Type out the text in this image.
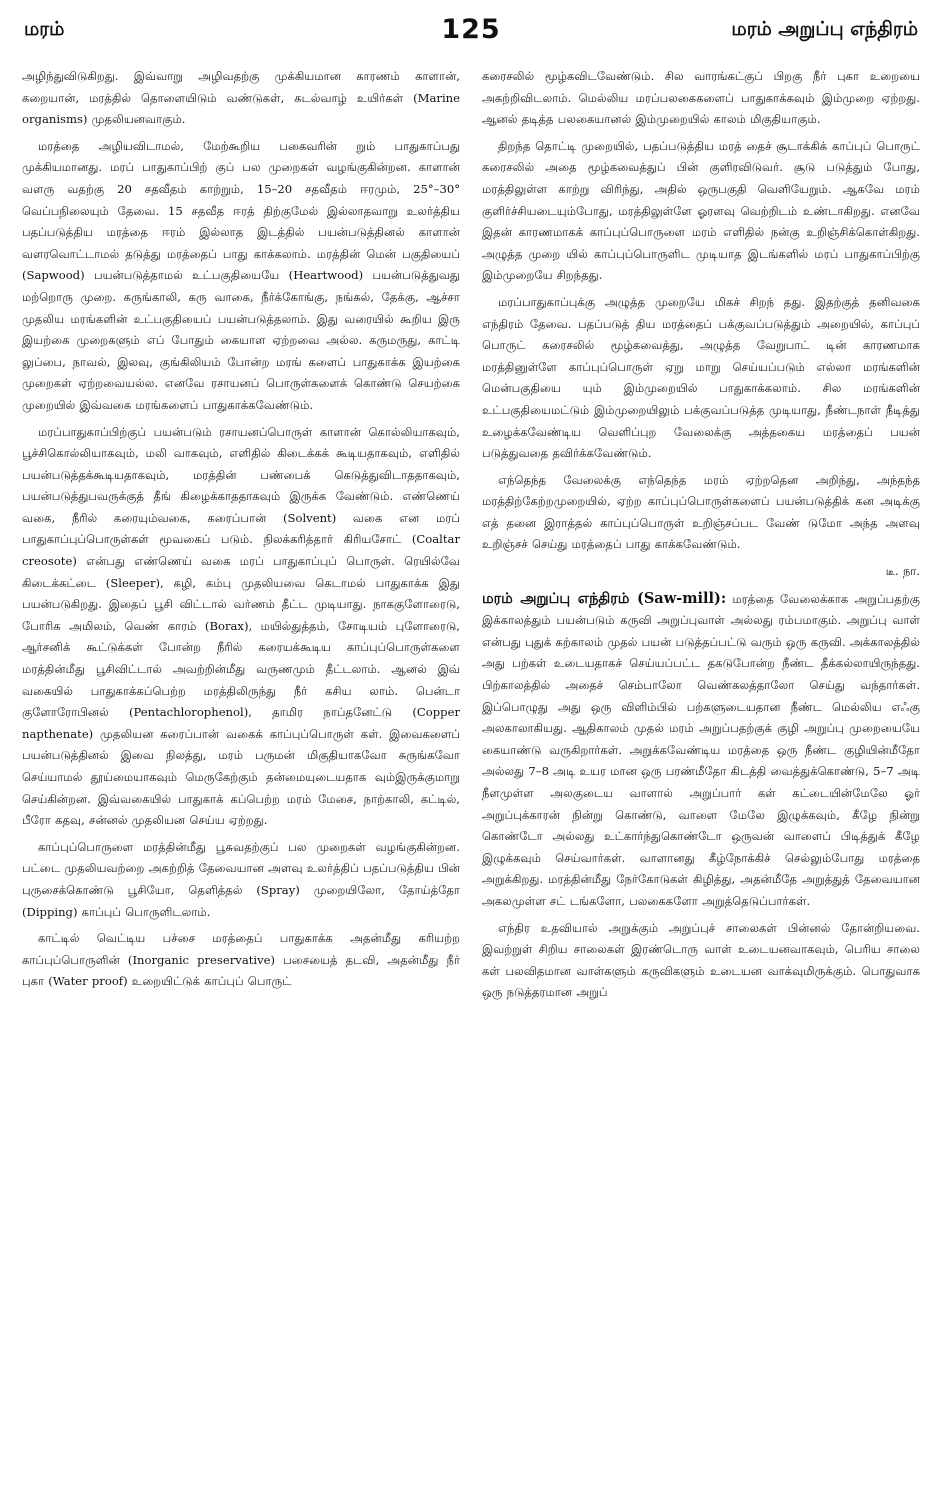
மரம்	125	மரம் அறுப்பு எந்திரம்

அழிந்துவிடுகிறது. இவ்வாறு அழிவதற்கு முக்கியமான காரணம் காளான், கறையான், மரத்தில் தொளையிடும் வண்டுகள், கடல்வாழ் உயிர்கள் (Marine organisms) முதலியனவாகும்.

மரத்தை அழியவிடாமல், மேற்கூறிய பகைவரின் றும் பாதுகாப்பது முக்கியமானது. மரப் பாதுகாப்பிற் குப் பல முறைகள் வழங்குகின்றன. காளான் வளரு வதற்கு 20 சதவீதம் காற்றும், 15–20 சதவீதம் ஈரமும், 25°–30° வெப்பநிலையும் தேவை. 15 சதவீத ஈரத் திற்குமேல் இல்லாதவாறு உலர்த்திய பதப்படுத்திய மரத்தை ஈரம் இல்லாத இடத்தில் பயன்படுத்தினல் காளான் வளரவொட்டாமல் தடுத்து மரத்தைப் பாது காக்கலாம். மரத்தின் மென் பகுதியைப் (Sapwood) பயன்படுத்தாமல் உட்பகுதியையே (Heartwood) பயன்படுத்துவது மற்றொரு முறை. கருங்காலி, கரு வாகை, நீர்க்கோங்கு, நங்கல், தேக்கு, ஆச்சா முதலிய மரங்களின் உட்பகுதியைப் பயன்படுத்தலாம். இது வரையில் கூறிய இரு இயற்கை முறைகளும் எப் போதும் கையாள ஏற்றவை அல்ல. கருமருது, காட்டி லுப்பை, நாவல், இலவு, குங்கிலியம் போன்ற மரங் களைப் பாதுகாக்க இயற்கை முறைகள் ஏற்றவையல்ல. எனவே ரசாயனப் பொருள்களைக் கொண்டு செயற்கை முறையில் இவ்வகை மரங்களைப் பாதுகாக்கவேண்டும்.

மரப்பாதுகாப்பிற்குப் பயன்படும் ரசாயனப்பொருள் காளான் கொல்லியாகவும், பூச்சிகொல்லியாகவும், மலி வாகவும், எளிதில் கிடைக்கக் கூடியதாகவும், எளிதில் பயன்படுத்தக்கூடியதாகவும், மரத்தின் பண்பைக் கெடுத்துவிடாததாகவும், பயன்படுத்துபவருக்குத் தீங் கிழைக்காததாகவும் இருக்க வேண்டும். எண்ணெய் வகை, நீரில் கரையும்வகை, கரைப்பான் (Solvent) வகை என மரப் பாதுகாப்புப்பொருள்கள் மூவகைப் படும். நிலக்கரித்தார் கிரியசோட் (Coaltar creosote) என்பது எண்ணெய் வகை மரப் பாதுகாப்புப் பொருள். ரெயில்வே கிடைக்கட்டை (Sleeper), கழி, கம்பு முதலியவை கெடாமல் பாதுகாக்க இது பயன்படுகிறது. இதைப் பூசி விட்டால் வர்ணம் தீட்ட முடியாது. நாககுளோரைடு, போரிக அமிலம், வெண் காரம் (Borax), மயில்துத்தம், சோடியம் புளோரைடு, ஆர்சனிக் கூட்டுக்கள் போன்ற நீரில் கரையக்கூடிய காப்புப்பொருள்களை மரத்தின்மீது பூசிவிட்டால் அவற்றின்மீது வருணமும் தீட்டலாம். ஆனல் இவ் வகையில் பாதுகாக்கப்பெற்ற மரத்திலிருந்து நீர் கசிய லாம். பென்டா குளோரோபினல் (Pentachlorophenol), தாமிர நாப்தனேட்டு (Copper napthenate) முதலியன கரைப்பான் வகைக் காப்புப்பொருள் கள். இவைகளைப் பயன்படுத்தினல் இவை நிலத்து, மரம் பருமன் மிகுதியாகவோ சுருங்கவோ செய்யாமல் தூய்மையாகவும் மெருகேற்கும் தன்மையுடையதாக வும்இருக்குமாறு செய்கின்றன. இவ்வகையில் பாதுகாக் கப்பெற்ற மரம் மேசை, நாற்காலி, கட்டில், பீரோ கதவு, சன்னல் முதலியன செய்ய ஏற்றது.

காப்புப்பொருளை மரத்தின்மீது பூசுவதற்குப் பல முறைகள் வழங்குகின்றன. பட்டை முதலியவற்றை அகற்றித் தேவையான அளவு உலர்த்திப் பதப்படுத்திய பின் புருசைக்கொண்டு பூசியோ, தெளித்தல் (Spray) முறையிலோ, தோய்த்தோ (Dipping) காப்புப் பொருளிடலாம்.

காட்டில் வெட்டிய பச்சை மரத்தைப் பாதுகாக்க அதன்மீது கரியற்ற காப்புப்பொருளின் (Inorganic preservative) பசையைத் தடவி, அதன்மீது நீர் புகா (Water proof) உறையிட்டுக் காப்புப் பொருட்

கரைசலில் மூழ்கவிடவேண்டும். சில வாரங்கட்குப் பிறகு நீர் புகா உறையை அகற்றிவிடலாம். மெல்லிய மரப்பலகைகளைப் பாதுகாக்கவும் இம்முறை ஏற்றது. ஆனல் தடித்த பலகையானல் இம்முறையில் காலம் மிகுதியாகும்.

திறந்த தொட்டி முறையில், பதப்படுத்திய மரத் தைச் சூடாக்கிக் காப்புப் பொருட் கரைசலில் அதை மூழ்கவைத்துப் பின் குளிரவிடுவர். சூடு படுத்தும் போது, மரத்திலுள்ள காற்று விரிந்து, அதில் ஒருபகுதி வெளியேறும். ஆகவே மரம் குளிர்ச்சியடையும்போது, மரத்திலுள்ளே ஓரளவு வெற்றிடம் உண்டாகிறது. எனவே இதன் காரணமாகக் காப்புப்பொருளை மரம் எளிதில் நன்கு உறிஞ்சிக்கொள்கிறது. அழுத்த முறை யில் காப்புப்பொருளிட முடியாத இடங்களில் மரப் பாதுகாப்பிற்கு இம்முறையே சிறந்தது.

மரப்பாதுகாப்புக்கு அழுத்த முறையே மிகச் சிறந் தது. இதற்குத் தனிவகை எந்திரம் தேவை. பதப்படுத் திய மரத்தைப் பக்குவப்படுத்தும் அறையில், காப்புப் பொருட் கரைசலில் மூழ்கவைத்து, அழுத்த வேறுபாட் டின் காரணமாக மரத்தினுள்ளே காப்புப்பொருள் ஏறு மாறு செய்யப்படும் எல்லா மரங்களின் மென்பகுதியை யும் இம்முறையில் பாதுகாக்கலாம். சில மரங்களின் உட்பகுதியைமட்டும் இம்முறையிலும் பக்குவப்படுத்த முடியாது, நீண்டநாள் நீடித்து உழைக்கவேண்டிய வெளிப்புற வேலைக்கு அத்தகைய மரத்தைப் பயன் படுத்துவதை தவிர்க்கவேண்டும்.

எந்தெந்த வேலைக்கு எந்தெந்த மரம் ஏற்றதென அறிந்து, அந்தந்த மரத்திற்கேற்றமுறையில், ஏற்ற காப்புப்பொருள்களைப் பயன்படுத்திக் கன அடிக்கு எத் தனை இராத்தல் காப்புப்பொருள் உறிஞ்சப்பட வேண் டுமோ அந்த அளவு உறிஞ்சச் செய்து மரத்தைப் பாது காக்கவேண்டும்.

டீ. நா.

மரம் அறுப்பு எந்திரம் (Saw-mill): மரத்தை வேலைக்காக அறுப்பதற்கு இக்காலத்தும் பயன்படும் கருவி அறுப்புவாள் அல்லது ரம்பமாகும். அறுப்பு வாள் என்பது புதுக் கற்காலம் முதல் பயன் படுத்தப்பட்டு வரும் ஒரு கருவி. அக்காலத்தில் அது பற்கள் உடையதாகச் செய்யப்பட்ட தகடுபோன்ற நீண்ட தீக்கல்லாயிருந்தது. பிற்காலத்தில் அதைச் செம்பாலோ வெண்கலத்தாலோ செய்து வந்தார்கள். இப்பொழுது அது ஒரு விளிம்பில் பற்களுடையதான நீண்ட மெல்லிய எஃகு அலகாலாகியது. ஆதிகாலம் முதல் மரம் அறுப்பதற்குக் குழி அறுப்பு முறையையே கையாண்டு வருகிறார்கள். அறுக்கவேண்டிய மரத்தை ஒரு நீண்ட குழியின்மீதோ அல்லது 7–8 அடி உயர மான ஒரு பரண்மீதோ கிடத்தி வைத்துக்கொண்டு, 5–7 அடி நீளமுள்ள அலகுடைய வாளால் அறுப்பார் கள் கட்டையின்மேலே ஓர் அறுப்புக்காரன் நின்று கொண்டு, வாளை மேலே இழுக்கவும், கீழே நின்று கொண்டோ அல்லது உட்கார்ந்துகொண்டோ ஒருவன் வாளைப் பிடித்துக் கீழே இழுக்கவும் செய்வார்கள். வாளானது கீழ்நோக்கிச் செல்லும்போது மரத்தை அறுக்கிறது. மரத்தின்மீது நேர்கோடுகள் கிழித்து, அதன்மீதே அறுத்துத் தேவையான அகலமுள்ள சட் டங்களோ, பலகைகளோ அறுத்தெடுப்பார்கள்.

எந்திர உதவியால் அறுக்கும் அறுப்புச் சாலைகள் பின்னல் தோன்றியவை. இவற்றுள் சிறிய சாலைகள் இரண்டொரு வாள் உடையனவாகவும், பெரிய சாலை கள் பலவிதமான வாள்களும் கருவிகளும் உடையன வாக்வுமிருக்கும். பொதுவாக ஒரு நடுத்தரமான அறுப்
